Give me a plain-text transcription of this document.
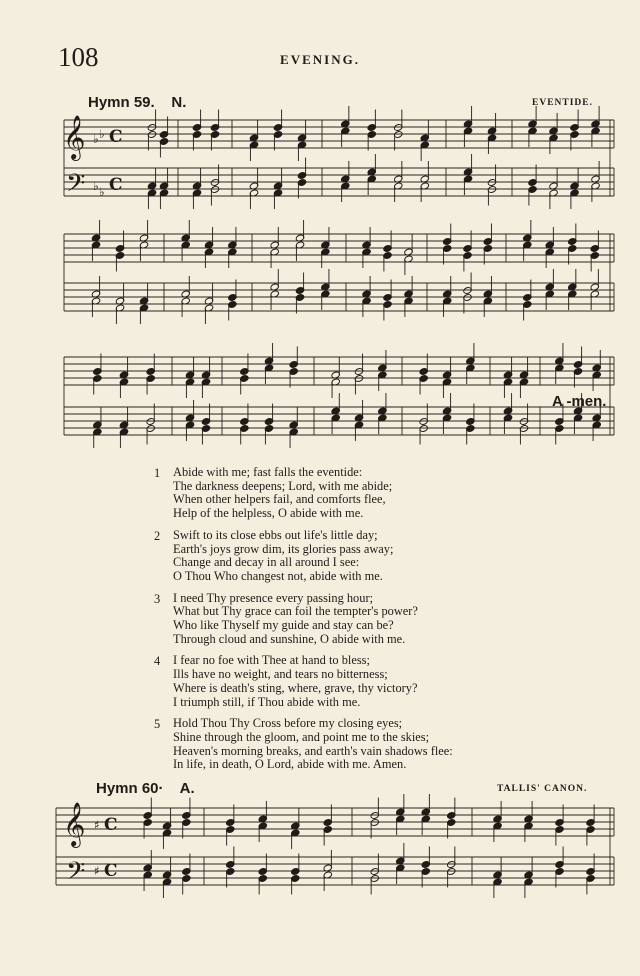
108	EVENING.
Hymn 59. N.	EVENTIDE.
𝄞
𝄢
𝄞
𝄢
♭ ♭
♭ ♭
C
C
♯
♯
C
C
A -men.
1 Abide with me; fast falls the eventide:
The darkness deepens; Lord, with me abide;
When other helpers fail, and comforts flee,
Help of the helpless, O abide with me.
2 Swift to its close ebbs out life's little day;
Earth's joys grow dim, its glories pass away;
Change and decay in all around I see:
O Thou Who changest not, abide with me.
3 I need Thy presence every passing hour;
What but Thy grace can foil the tempter's power?
Who like Thyself my guide and stay can be?
Through cloud and sunshine, O abide with me.
4 I fear no foe with Thee at hand to bless;
Ills have no weight, and tears no bitterness;
Where is death's sting, where, grave, thy victory?
I triumph still, if Thou abide with me.
5 Hold Thou Thy Cross before my closing eyes;
Shine through the gloom, and point me to the skies;
Heaven's morning breaks, and earth's vain shadows flee:
In life, in death, O Lord, abide with me. Amen.
Hymn 60· A.	TALLIS' CANON.
